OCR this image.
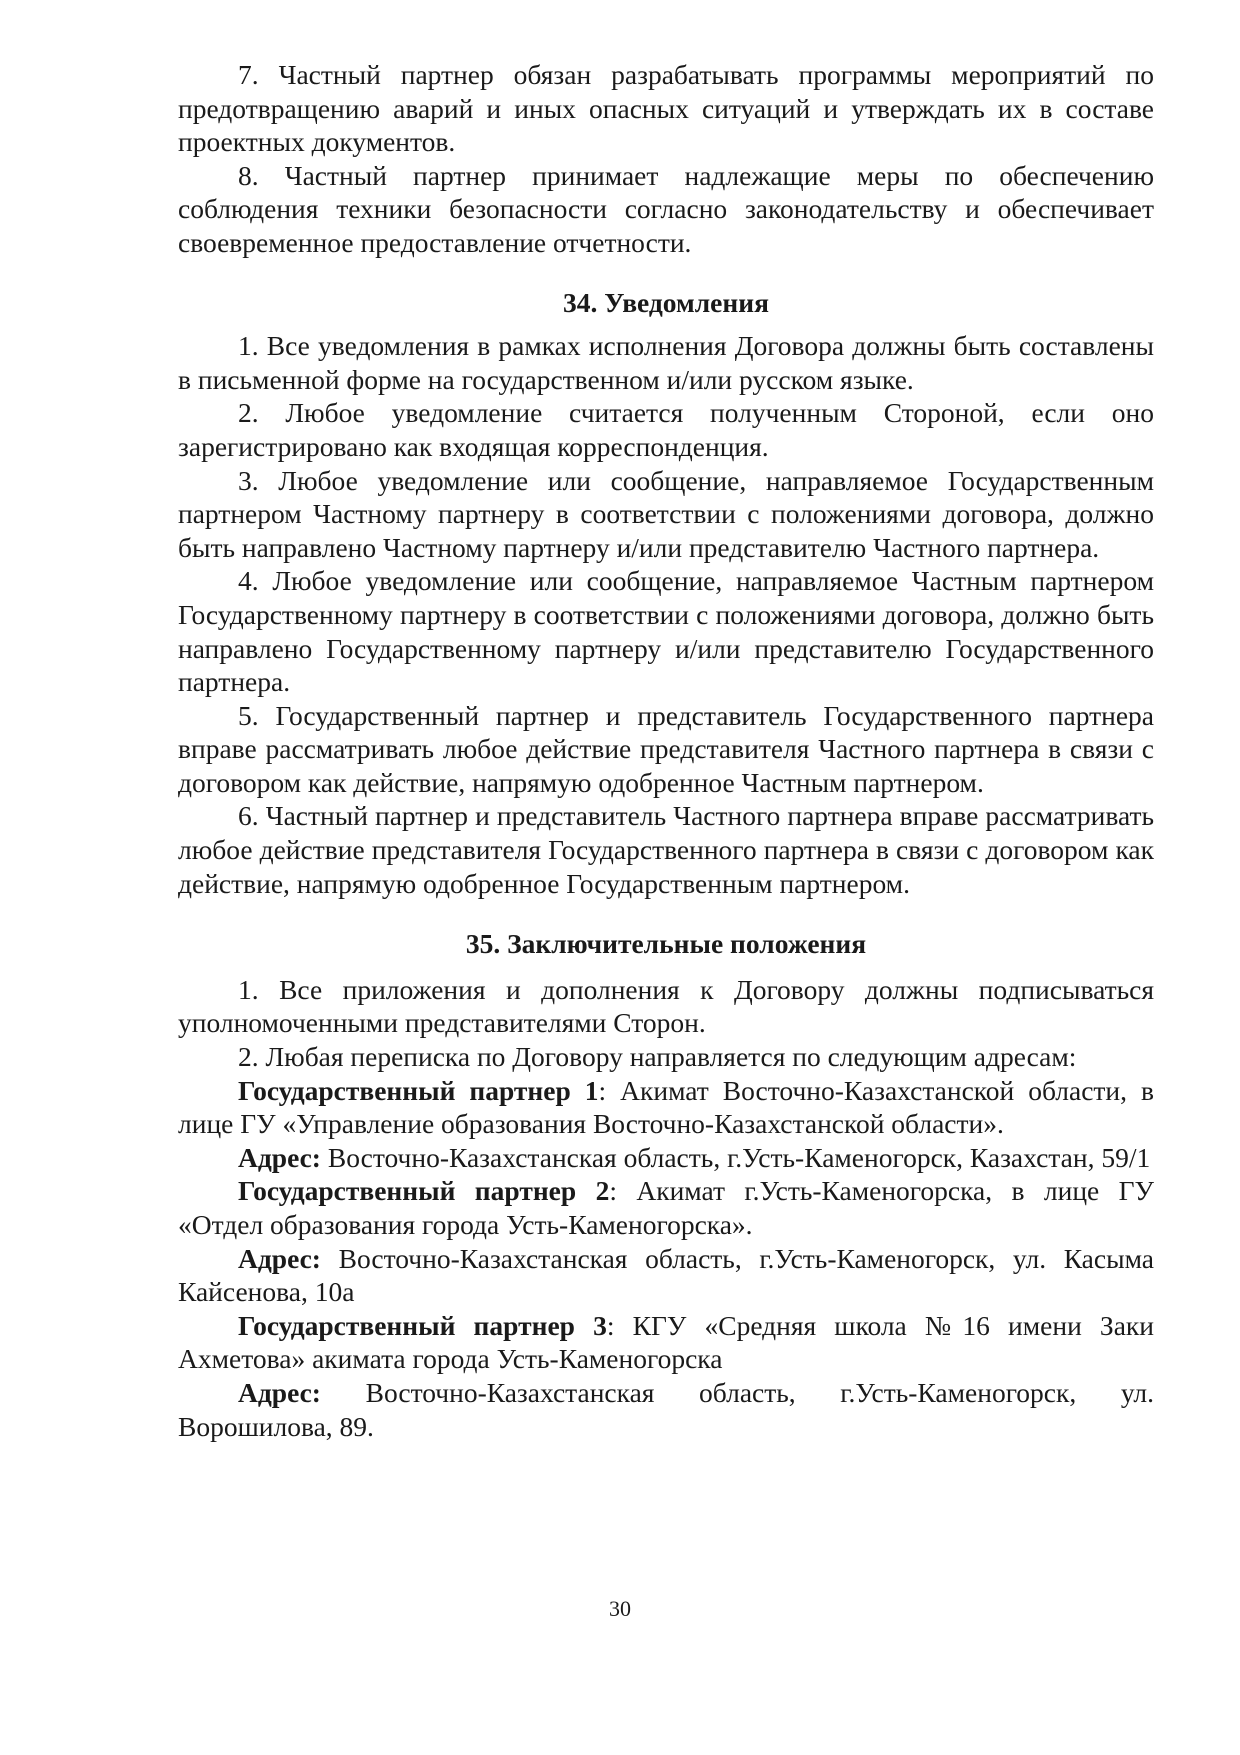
7. Частный партнер обязан разрабатывать программы мероприятий по предотвращению аварий и иных опасных ситуаций и утверждать их в составе проектных документов.

8. Частный партнер принимает надлежащие меры по обеспечению соблюдения техники безопасности согласно законодательству и обеспечивает своевременное предоставление отчетности.

34. Уведомления

1. Все уведомления в рамках исполнения Договора должны быть составлены в письменной форме на государственном и/или русском языке.

2. Любое уведомление считается полученным Стороной, если оно зарегистрировано как входящая корреспонденция.

3. Любое уведомление или сообщение, направляемое Государственным партнером Частному партнеру в соответствии с положениями договора, должно быть направлено Частному партнеру и/или представителю Частного партнера.

4. Любое уведомление или сообщение, направляемое Частным партнером Государственному партнеру в соответствии с положениями договора, должно быть направлено Государственному партнеру и/или представителю Государственного партнера.

5. Государственный партнер и представитель Государственного партнера вправе рассматривать любое действие представителя Частного партнера в связи с договором как действие, напрямую одобренное Частным партнером.

6. Частный партнер и представитель Частного партнера вправе рассматривать любое действие представителя Государственного партнера в связи с договором как действие, напрямую одобренное Государственным партнером.

35. Заключительные положения

1. Все приложения и дополнения к Договору должны подписываться уполномоченными представителями Сторон.

2. Любая переписка по Договору направляется по следующим адресам:

Государственный партнер 1: Акимат Восточно-Казахстанской области, в лице ГУ «Управление образования Восточно-Казахстанской области».

Адрес: Восточно-Казахстанская область, г.Усть-Каменогорск, Казахстан, 59/1

Государственный партнер 2: Акимат г.Усть-Каменогорска, в лице ГУ «Отдел образования города Усть-Каменогорска».

Адрес: Восточно-Казахстанская область, г.Усть-Каменогорск, ул. Касыма Кайсенова, 10а

Государственный партнер 3: КГУ «Средняя школа №16 имени Заки Ахметова» акимата города Усть-Каменогорска

Адрес: Восточно-Казахстанская область, г.Усть-Каменогорск, ул. Ворошилова, 89.

30
